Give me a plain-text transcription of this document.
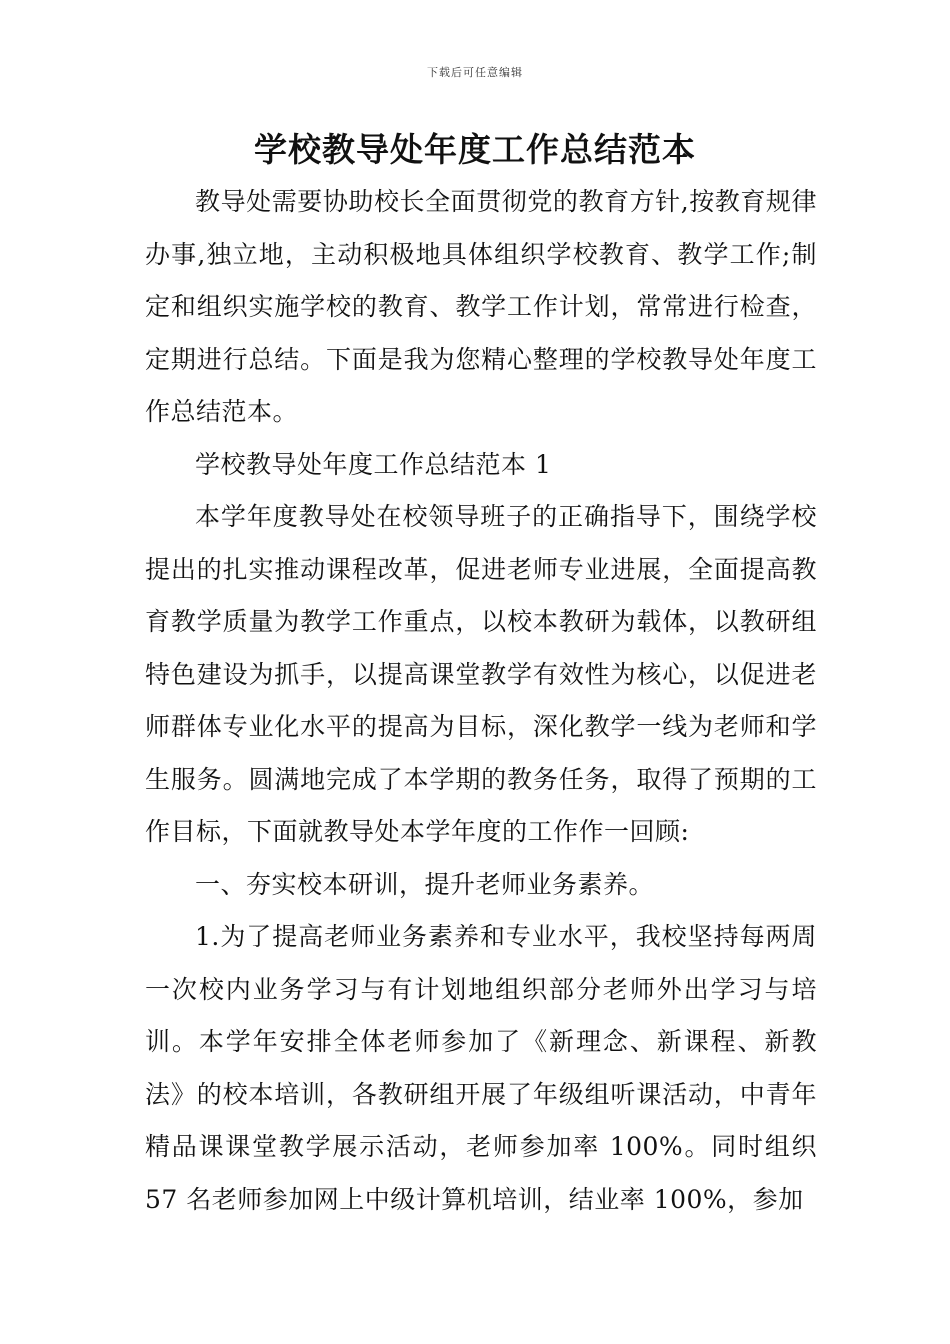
下载后可任意编辑
学校教导处年度工作总结范本

教导处需要协助校长全面贯彻党的教育方针,按教育规律办事,独立地，主动积极地具体组织学校教育、教学工作;制定和组织实施学校的教育、教学工作计划，常常进行检查，定期进行总结。下面是我为您精心整理的学校教导处年度工作总结范本。

学校教导处年度工作总结范本 1

本学年度教导处在校领导班子的正确指导下，围绕学校提出的扎实推动课程改革，促进老师专业进展，全面提高教育教学质量为教学工作重点，以校本教研为载体，以教研组特色建设为抓手，以提高课堂教学有效性为核心，以促进老师群体专业化水平的提高为目标，深化教学一线为老师和学生服务。圆满地完成了本学期的教务任务，取得了预期的工作目标，下面就教导处本学年度的工作作一回顾:

一、夯实校本研训，提升老师业务素养。

1.为了提高老师业务素养和专业水平，我校坚持每两周一次校内业务学习与有计划地组织部分老师外出学习与培训。本学年安排全体老师参加了《新理念、新课程、新教法》的校本培训，各教研组开展了年级组听课活动，中青年精品课课堂教学展示活动，老师参加率 100%。同时组织 57 名老师参加网上中级计算机培训，结业率 100%，参加
